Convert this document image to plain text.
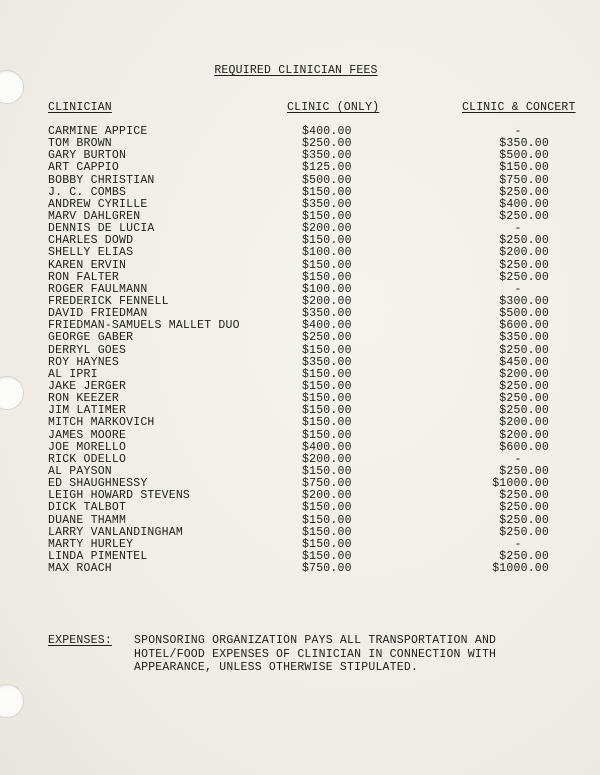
REQUIRED CLINICIAN FEES
CLINICIAN	CLINIC (ONLY)	CLINIC & CONCERT
CARMINE APPICE	$400.00	-
TOM BROWN	$250.00	$350.00
GARY BURTON	$350.00	$500.00
ART CAPPIO	$125.00	$150.00
BOBBY CHRISTIAN	$500.00	$750.00
J. C. COMBS	$150.00	$250.00
ANDREW CYRILLE	$350.00	$400.00
MARV DAHLGREN	$150.00	$250.00
DENNIS DE LUCIA	$200.00	-
CHARLES DOWD	$150.00	$250.00
SHELLY ELIAS	$100.00	$200.00
KAREN ERVIN	$150.00	$250.00
RON FALTER	$150.00	$250.00
ROGER FAULMANN	$100.00	-
FREDERICK FENNELL	$200.00	$300.00
DAVID FRIEDMAN	$350.00	$500.00
FRIEDMAN-SAMUELS MALLET DUO	$400.00	$600.00
GEORGE GABER	$250.00	$350.00
DERRYL GOES	$150.00	$250.00
ROY HAYNES	$350.00	$450.00
AL IPRI	$150.00	$200.00
JAKE JERGER	$150.00	$250.00
RON KEEZER	$150.00	$250.00
JIM LATIMER	$150.00	$250.00
MITCH MARKOVICH	$150.00	$200.00
JAMES MOORE	$150.00	$200.00
JOE MORELLO	$400.00	$600.00
RICK ODELLO	$200.00	-
AL PAYSON	$150.00	$250.00
ED SHAUGHNESSY	$750.00	$1000.00
LEIGH HOWARD STEVENS	$200.00	$250.00
DICK TALBOT	$150.00	$250.00
DUANE THAMM	$150.00	$250.00
LARRY VANLANDINGHAM	$150.00	$250.00
MARTY HURLEY	$150.00	-
LINDA PIMENTEL	$150.00	$250.00
MAX ROACH	$750.00	$1000.00
EXPENSES: SPONSORING ORGANIZATION PAYS ALL TRANSPORTATION AND
HOTEL/FOOD EXPENSES OF CLINICIAN IN CONNECTION WITH
APPEARANCE, UNLESS OTHERWISE STIPULATED.
